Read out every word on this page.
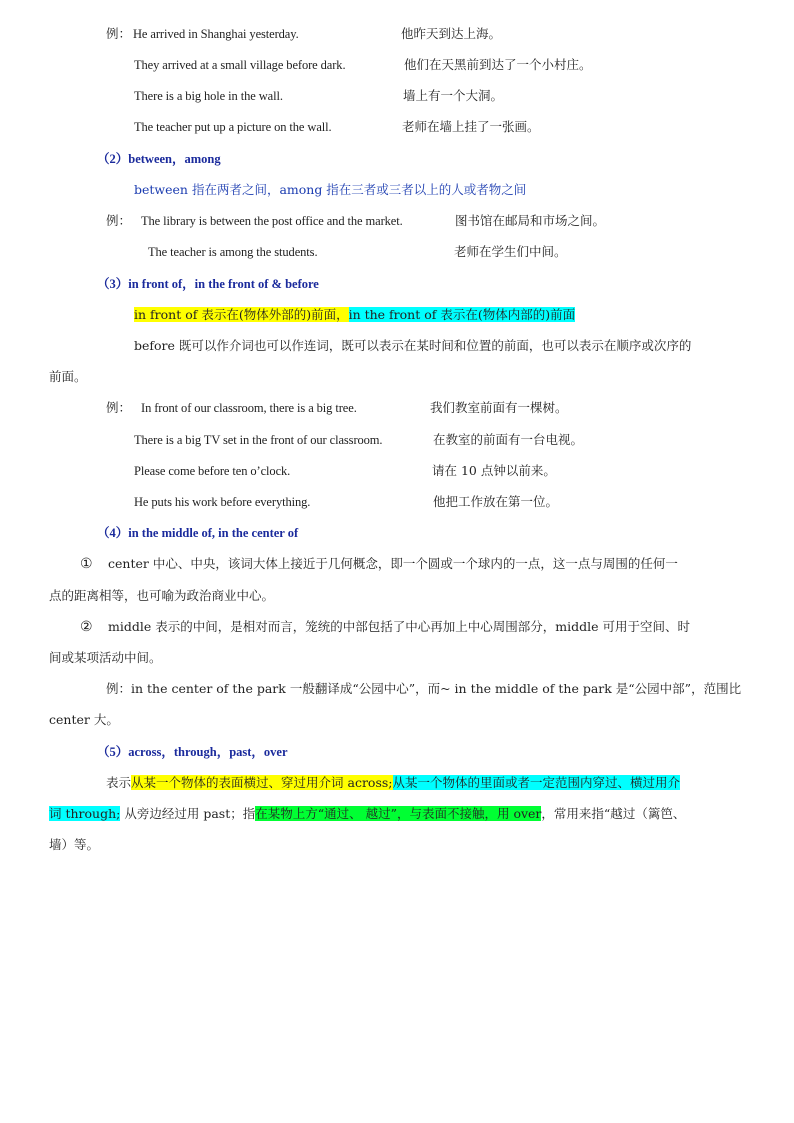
例： He arrived in Shanghai yesterday.	他昨天到达上海。
They arrived at a small village before dark.	他们在天黑前到达了一个小村庄。
There is a big hole in the wall.	墙上有一个大洞。
The teacher put up a picture on the wall.	老师在墙上挂了一张画。
（2）between，among
between 指在两者之间，among 指在三者或三者以上的人或者物之间
例： The library is between the post office and the market.	图书馆在邮局和市场之间。
The teacher is among the students.	老师在学生们中间。
（3）in front of，in the front of & before
in front of 表示在(物体外部的)前面，in the front of 表示在(物体内部的)前面
before 既可以作介词也可以作连词，既可以表示在某时间和位置的前面，也可以表示在顺序或次序的
前面。
例： In front of our classroom, there is a big tree.	我们教室前面有一棵树。
There is a big TV set in the front of our classroom.	在教室的前面有一台电视。
Please come before ten o’clock.	请在 10 点钟以前来。
He puts his work before everything.	他把工作放在第一位。
（4）in the middle of, in the center of
① center 中心、中央，该词大体上接近于几何概念，即一个圆或一个球内的一点，这一点与周围的任何一
点的距离相等，也可喻为政治商业中心。
② middle 表示的中间，是相对而言，笼统的中部包括了中心再加上中心周围部分，middle 可用于空间、时
间或某项活动中间。
例：in the center of the park 一般翻译成“公园中心”，而~ in the middle of the park 是“公园中部”，范围比
center 大。
（5）across，through，past，over
表示从某一个物体的表面横过、穿过用介词 across;从某一个物体的里面或者一定范围内穿过、横过用介
词 through; 从旁边经过用 past；指在某物上方“通过、 越过”，与表面不接触，用 over，常用来指“越过（篱笆、
墙）等。
